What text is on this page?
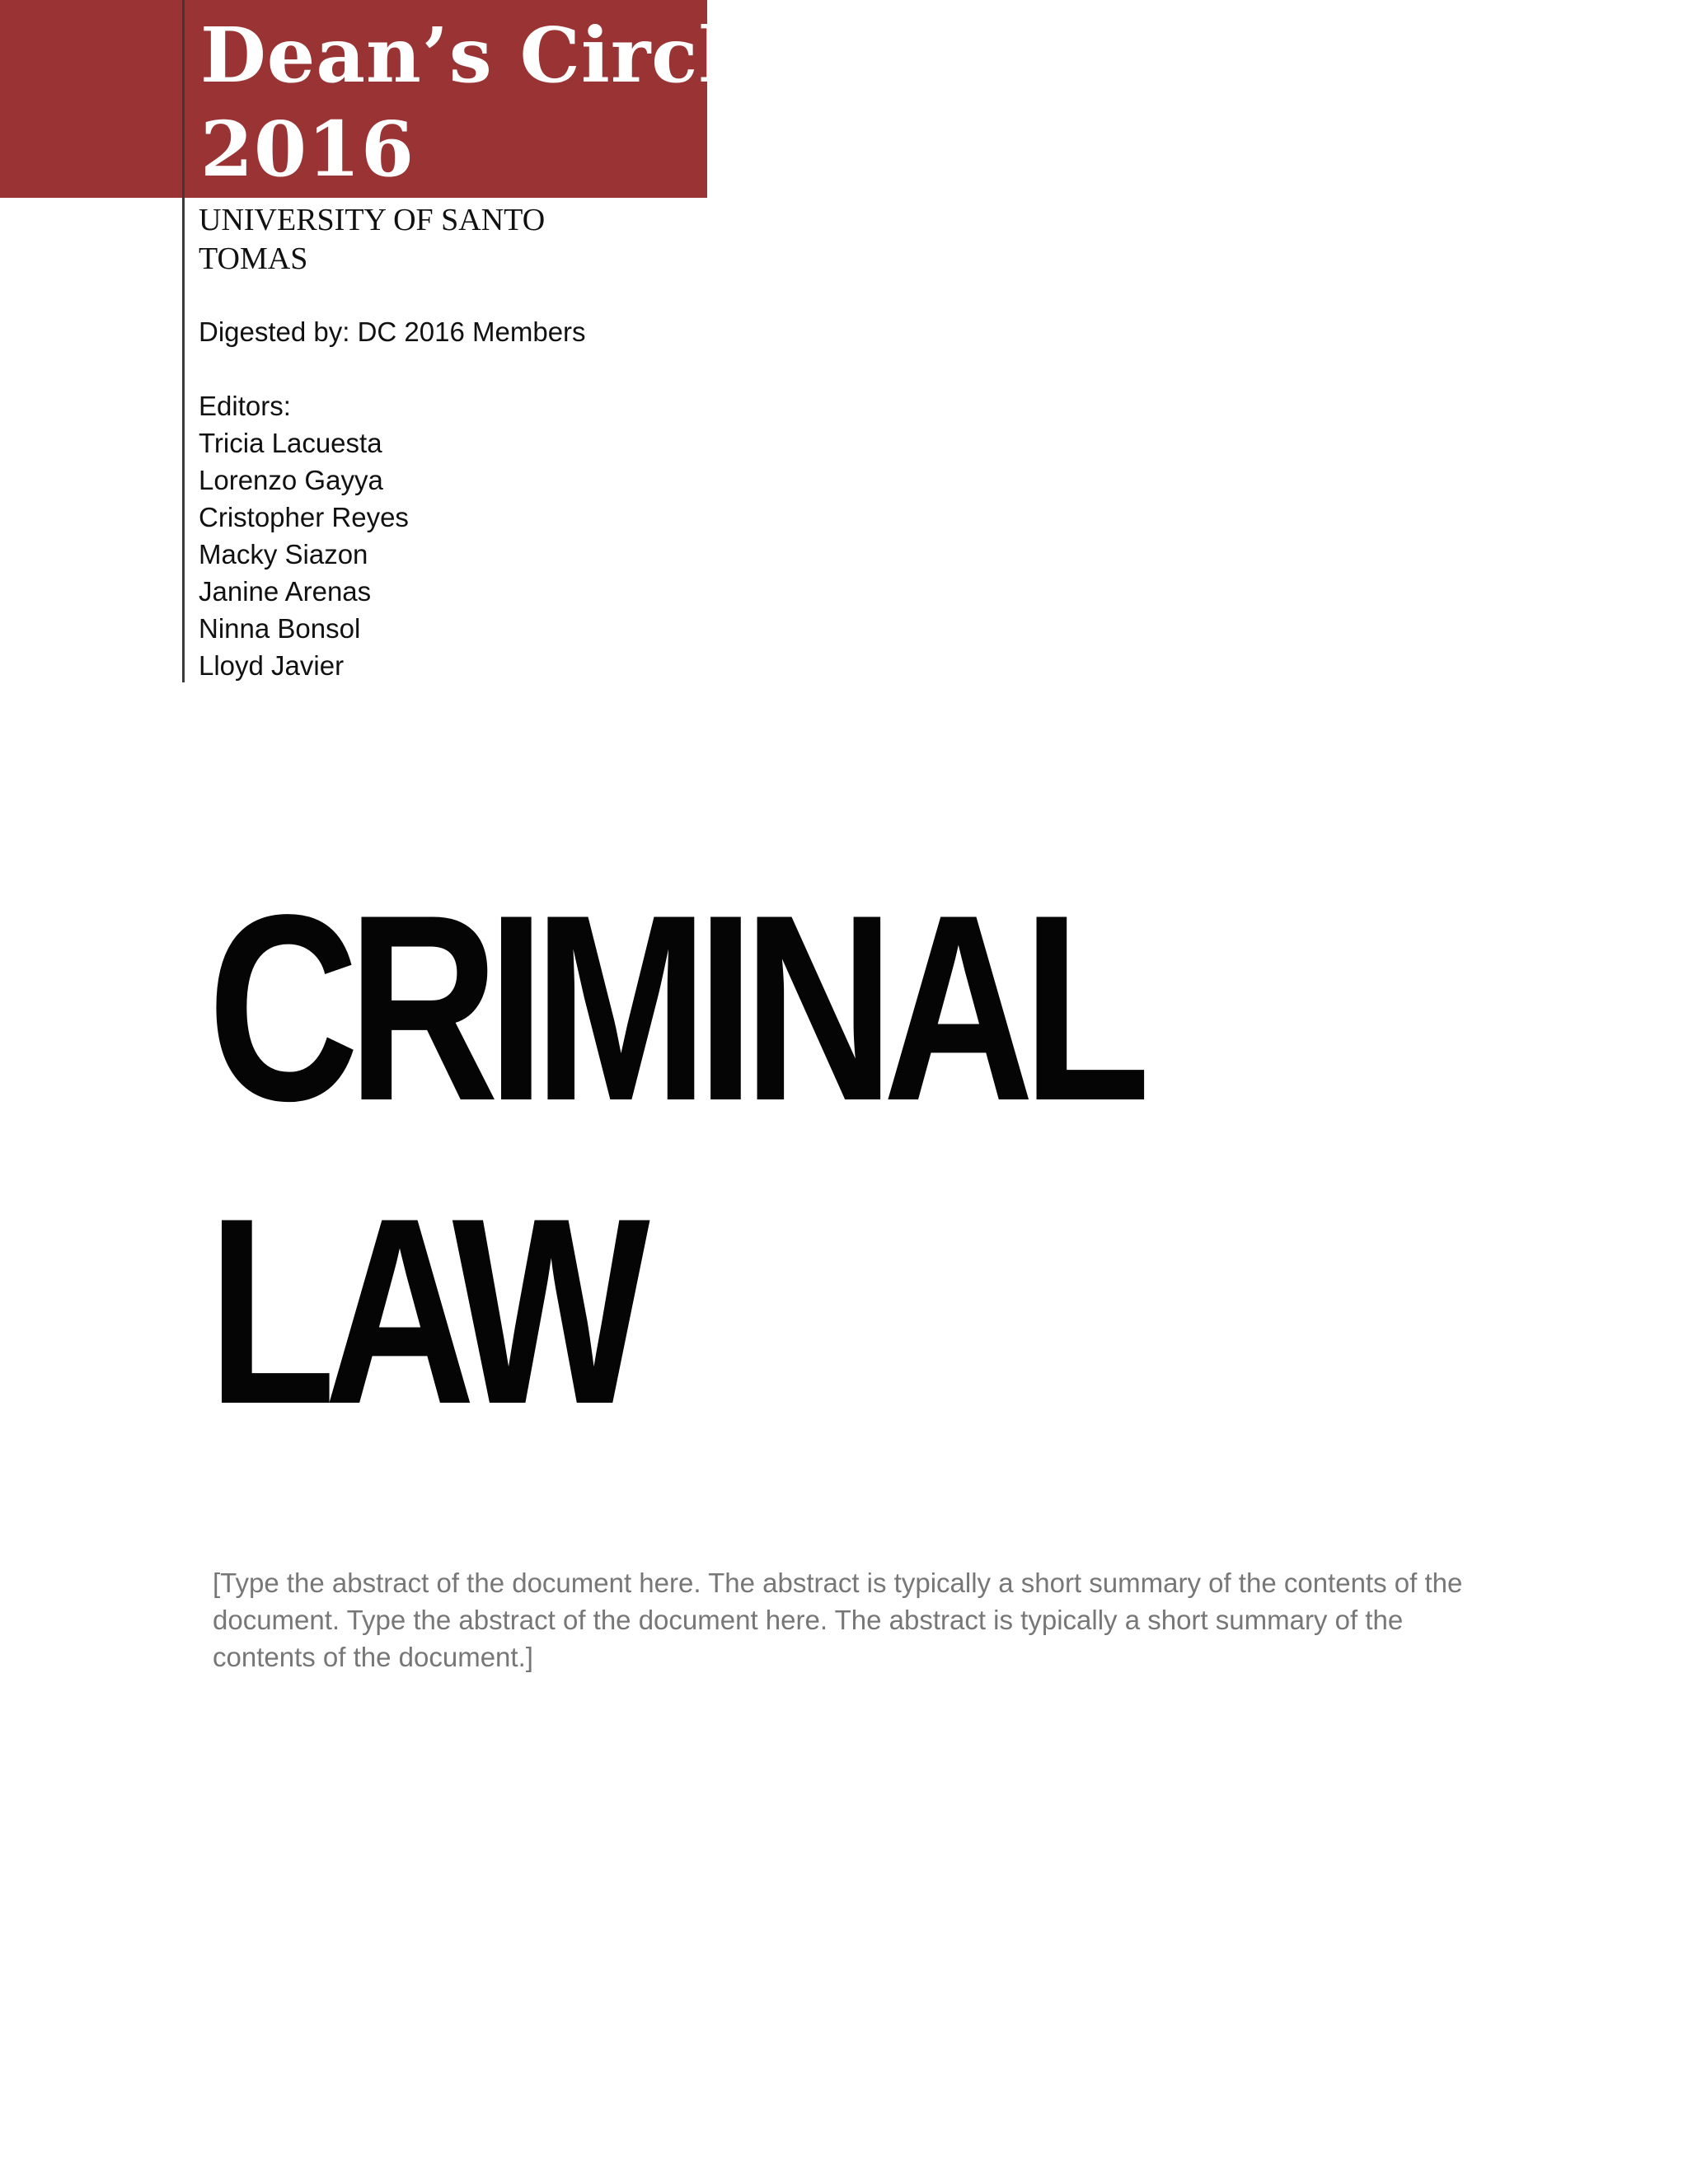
Dean’s Circle
2016

UNIVERSITY OF SANTO
TOMAS

Digested by: DC 2016 Members

Editors:
Tricia Lacuesta
Lorenzo Gayya
Cristopher Reyes
Macky Siazon
Janine Arenas
Ninna Bonsol
Lloyd Javier
CRIMINAL
LAW

[Type the abstract of the document here. The abstract is typically a short summary of the contents of the document. Type the abstract of the document here. The abstract is typically a short summary of the contents of the document.]
